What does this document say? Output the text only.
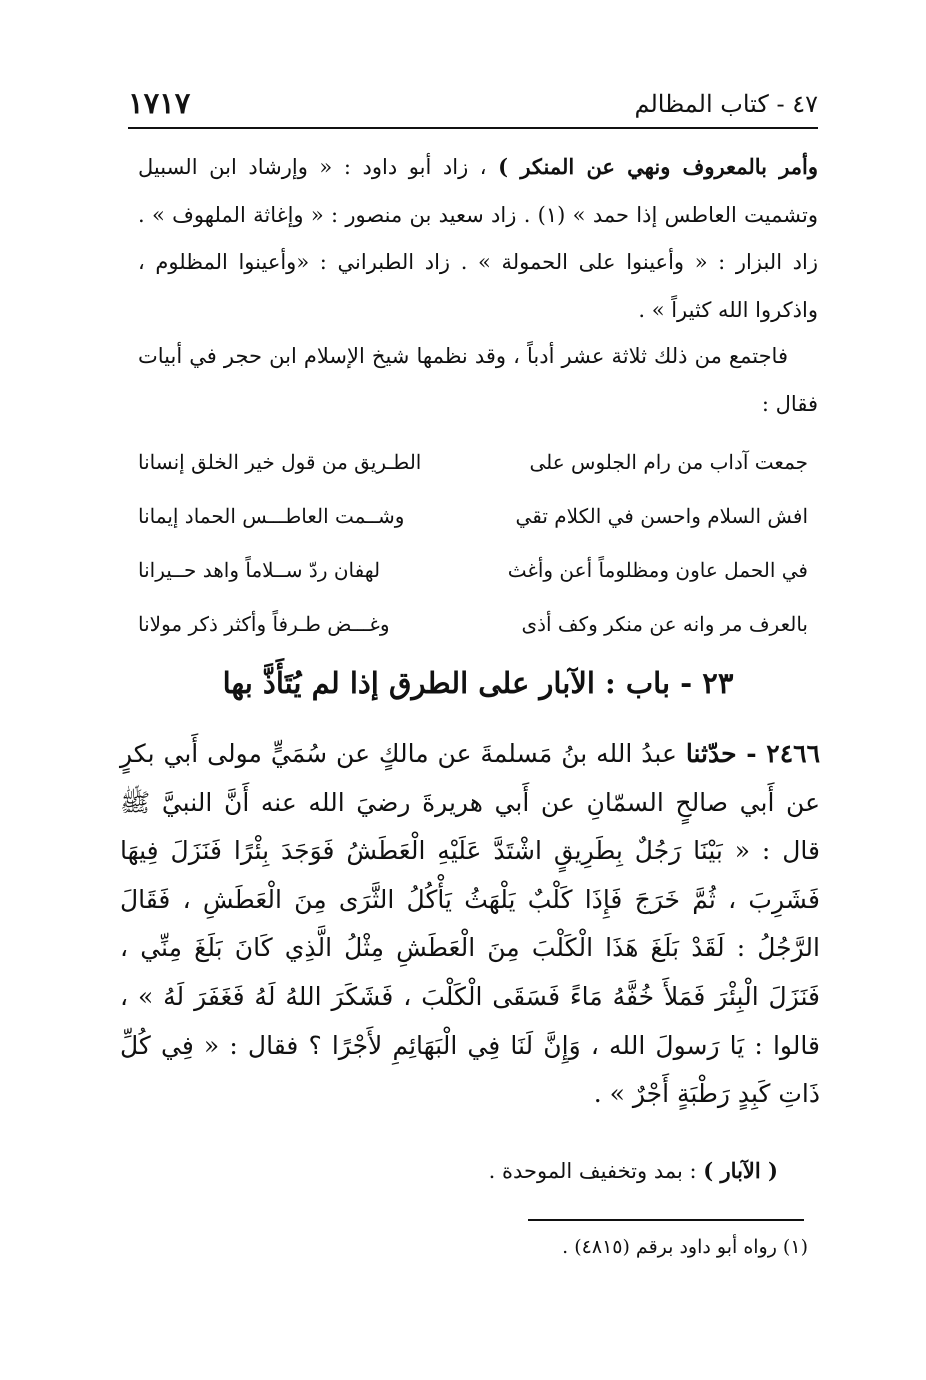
١٧١٧	٤٧ - كتاب المظالم
وأمر بالمعروف ونهي عن المنكر ) ، زاد أبو داود : « وإرشاد ابن السبيل وتشميت العاطس إذا حمد » (١) . زاد سعيد بن منصور : « وإغاثة الملهوف » . زاد البزار : « وأعينوا على الحمولة » . زاد الطبراني : «وأعينوا المظلوم ، واذكروا الله كثيراً » .
فاجتمع من ذلك ثلاثة عشر أدباً ، وقد نظمها شيخ الإسلام ابن حجر في أبيات فقال :
جمعت آداب من رام الجلوس على
الطـريق من قول خير الخلق إنسانا
افش السلام واحسن في الكلام تقي
وشــمت العاطـــس الحماد إيمانا
في الحمل عاون ومظلوماً أعن وأغث
لهفان ردّ ســلاماً واهد حــيرانا
بالعرف مر وانه عن منكر وكف أذى
وغـــض طـرفاً وأكثر ذكر مولانا
٢٣ - باب : الآبار على الطرق إذا لم يُتَأَذَّ بها
٢٤٦٦ - حدّثنا عبدُ الله بنُ مَسلمةَ عن مالكٍ عن سُمَيٍّ مولى أَبي بكرٍ عن أَبي صالحٍ السمّانِ عن أَبي هريرةَ رضيَ الله عنه أَنَّ النبيَّ ﷺ قال : « بَيْنَا رَجُلٌ بِطَرِيقٍ اشْتَدَّ عَلَيْهِ الْعَطَشُ فَوَجَدَ بِئْرًا فَنَزَلَ فِيهَا فَشَرِبَ ، ثُمَّ خَرَجَ فَإِذَا كَلْبٌ يَلْهَثُ يَأْكُلُ الثَّرَى مِنَ الْعَطَشِ ، فَقَالَ الرَّجُلُ : لَقَدْ بَلَغَ هَذَا الْكَلْبَ مِنَ الْعَطَشِ مِثْلُ الَّذِي كَانَ بَلَغَ مِنِّي ، فَنَزَلَ الْبِئْرَ فَمَلأَ خُفَّهُ مَاءً فَسَقَى الْكَلْبَ ، فَشَكَرَ اللهُ لَهُ فَغَفَرَ لَهُ » ، قالوا : يَا رَسولَ الله ، وَإِنَّ لَنَا فِي الْبَهَائِمِ لأَجْرًا ؟ فقال : « فِي كُلِّ ذَاتِ كَبِدٍ رَطْبَةٍ أَجْرٌ » .
( الآبار ) : بمد وتخفيف الموحدة .
(١) رواه أبو داود برقم (٤٨١٥) .
